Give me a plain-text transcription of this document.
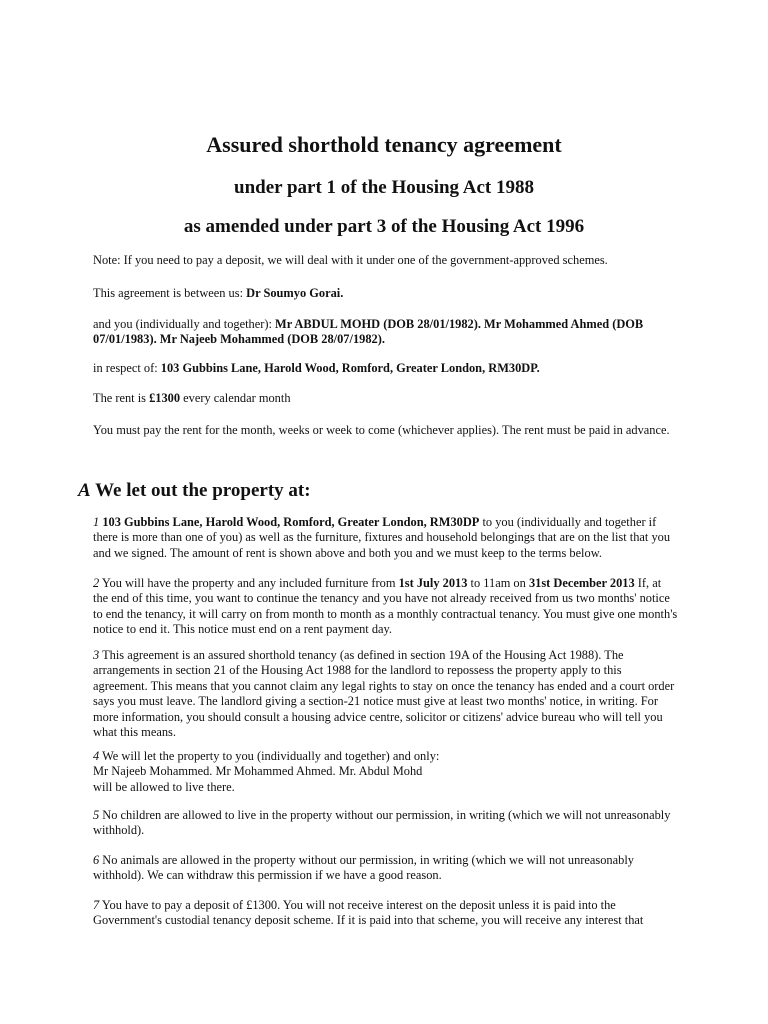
Assured shorthold tenancy agreement
under part 1 of the Housing Act 1988
as amended under part 3 of the Housing Act 1996

Note: If you need to pay a deposit, we will deal with it under one of the government-approved schemes.

This agreement is between us: Dr Soumyo Gorai.

and you (individually and together): Mr ABDUL MOHD (DOB 28/01/1982). Mr Mohammed Ahmed (DOB 07/01/1983). Mr Najeeb Mohammed (DOB 28/07/1982).

in respect of: 103 Gubbins Lane, Harold Wood, Romford, Greater London, RM30DP.

The rent is £1300 every calendar month

You must pay the rent for the month, weeks or week to come (whichever applies). The rent must be paid in advance.

A We let out the property at:

1 103 Gubbins Lane, Harold Wood, Romford, Greater London, RM30DP to you (individually and together if there is more than one of you) as well as the furniture, fixtures and household belongings that are on the list that you and we signed. The amount of rent is shown above and both you and we must keep to the terms below.

2 You will have the property and any included furniture from 1st July 2013 to 11am on 31st December 2013 If, at the end of this time, you want to continue the tenancy and you have not already received from us two months' notice to end the tenancy, it will carry on from month to month as a monthly contractual tenancy. You must give one month's notice to end it. This notice must end on a rent payment day.

3 This agreement is an assured shorthold tenancy (as defined in section 19A of the Housing Act 1988). The arrangements in section 21 of the Housing Act 1988 for the landlord to repossess the property apply to this agreement. This means that you cannot claim any legal rights to stay on once the tenancy has ended and a court order says you must leave. The landlord giving a section-21 notice must give at least two months' notice, in writing. For more information, you should consult a housing advice centre, solicitor or citizens' advice bureau who will tell you what this means.

4 We will let the property to you (individually and together) and only:
Mr Najeeb Mohammed. Mr Mohammed Ahmed. Mr. Abdul Mohd
will be allowed to live there.

5 No children are allowed to live in the property without our permission, in writing (which we will not unreasonably withhold).

6 No animals are allowed in the property without our permission, in writing (which we will not unreasonably withhold). We can withdraw this permission if we have a good reason.

7 You have to pay a deposit of £1300. You will not receive interest on the deposit unless it is paid into the Government's custodial tenancy deposit scheme. If it is paid into that scheme, you will receive any interest that
